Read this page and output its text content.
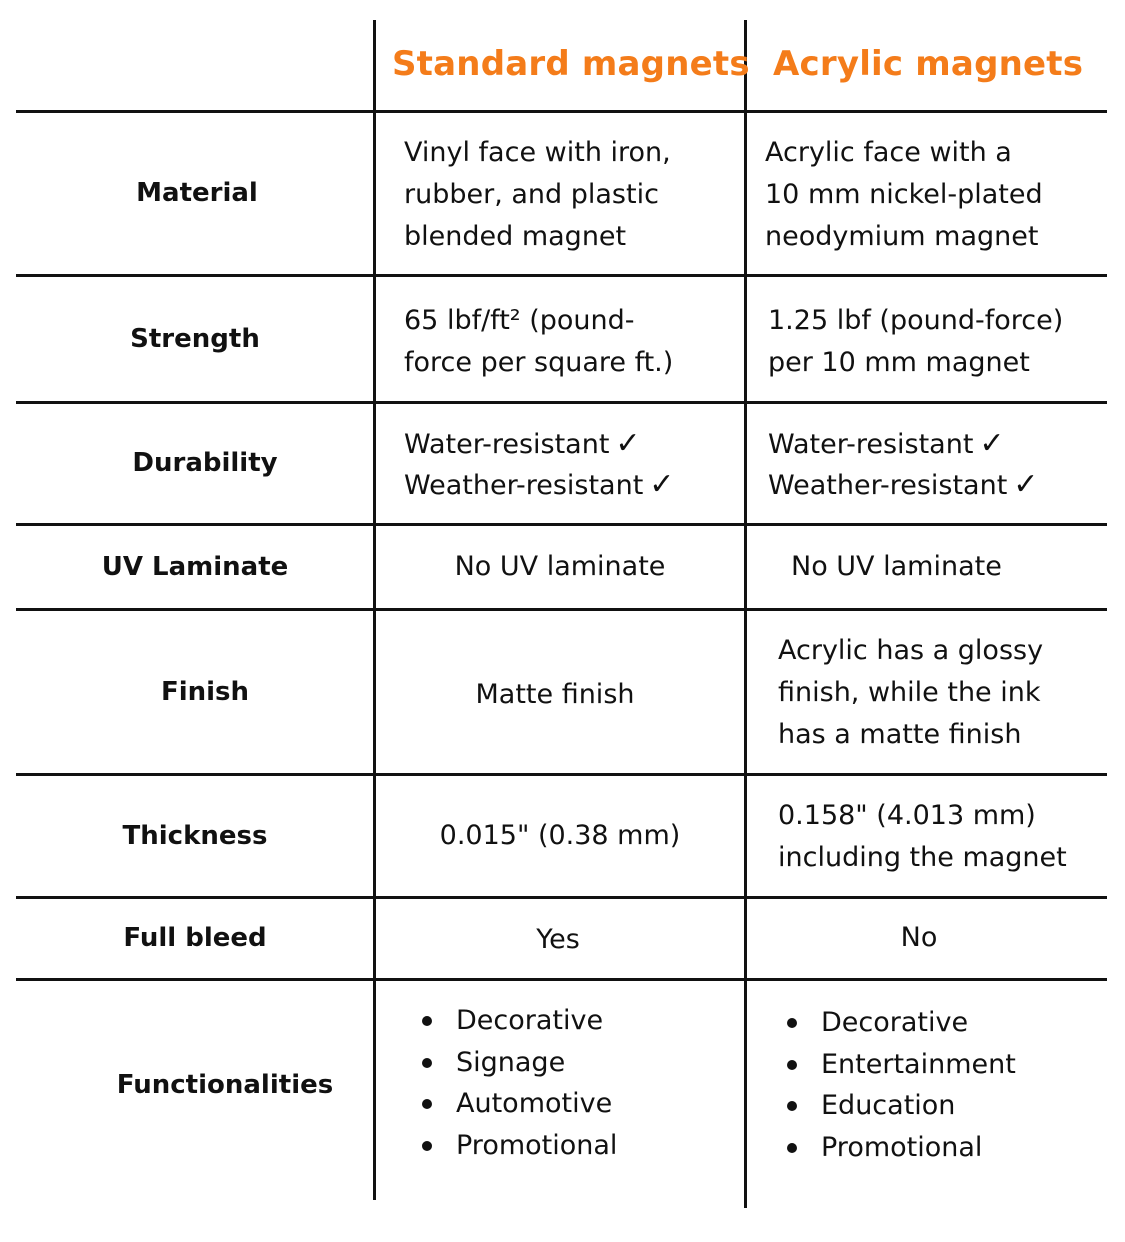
Standard magnets Acrylic magnets
Material
Strength
Durability
UV Laminate
Finish
Thickness
Full bleed
Functionalities
Vinyl face with iron,
rubber, and plastic
blended magnet
Acrylic face with a
10 mm nickel-plated
neodymium magnet
65 lbf/ft² (pound-
force per square ft.)
1.25 lbf (pound-force)
per 10 mm magnet
Water-resistant ✓
Weather-resistant ✓
Water-resistant ✓
Weather-resistant ✓
No UV laminate	No UV laminate
Matte finish
Acrylic has a glossy
finish, while the ink
has a matte finish
0.015" (0.38 mm)
0.158" (4.013 mm)
including the magnet
Yes	No
Decorative
Signage
Automotive
Promotional
Decorative
Entertainment
Education
Promotional
